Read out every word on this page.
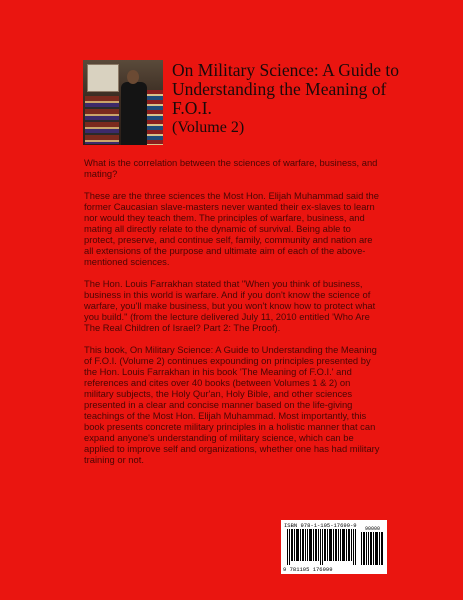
On Military Science: A Guide to Understanding the Meaning of F.O.I.
(Volume 2)

What is the correlation between the sciences of warfare, business, and mating?

These are the three sciences the Most Hon. Elijah Muhammad said the former Caucasian slave-masters never wanted their ex-slaves to learn nor would they teach them. The principles of warfare, business, and mating all directly relate to the dynamic of survival. Being able to protect, preserve, and continue self, family, community and nation are all extensions of the purpose and ultimate aim of each of the above-mentioned sciences.

The Hon. Louis Farrakhan stated that "When you think of business, business in this world is warfare. And if you don't know the science of warfare, you'll make business, but you won't know how to protect what you build." (from the lecture delivered July 11, 2010 entitled 'Who Are The Real Children of Israel? Part 2: The Proof).

This book, On Military Science: A Guide to Understanding the Meaning of F.O.I. (Volume 2) continues expounding on principles presented by the Hon. Louis Farrakhan in his book 'The Meaning of F.O.I.' and references and cites over 40 books (between Volumes 1 & 2) on military subjects, the Holy Qur'an, Holy Bible, and other sciences presented in a clear and concise manner based on the life-giving teachings of the Most Hon. Elijah Muhammad. Most importantly, this book presents concrete military principles in a holistic manner that can expand anyone's understanding of military science, which can be applied to improve self and organizations, whether one has had military training or not.

ISBN 978-1-105-17699-9	90000
9 781105 176999
